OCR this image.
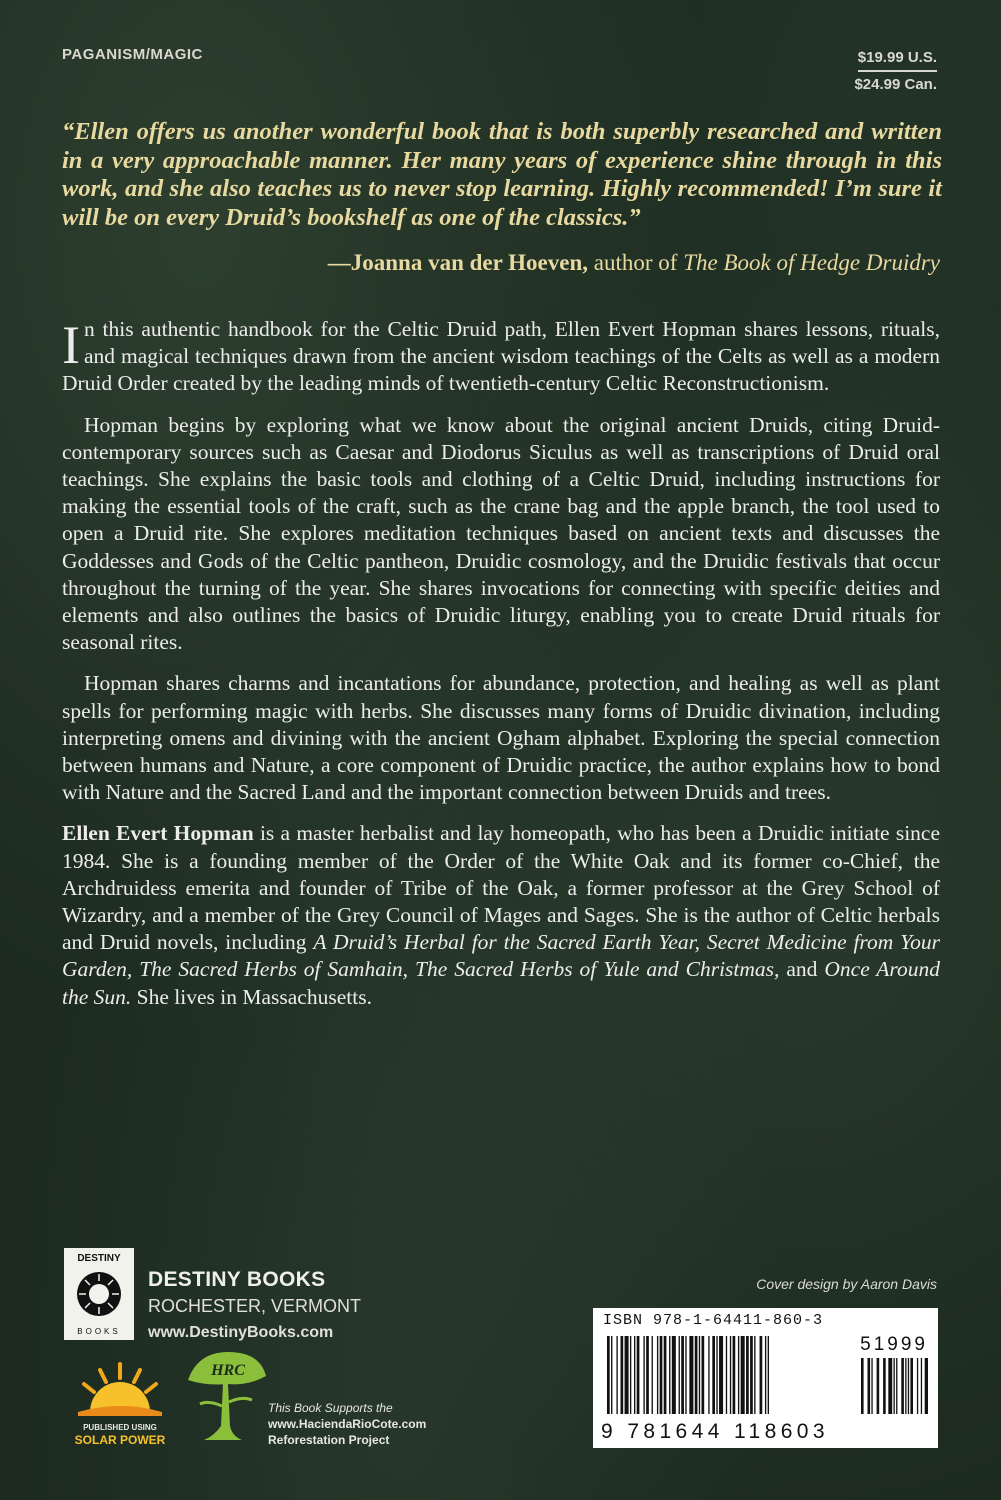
PAGANISM/MAGIC	$19.99 U.S.
$24.99 Can.
“Ellen offers us another wonderful book that is both superbly researched and written in a very approachable manner. Her many years of experience shine through in this work, and she also teaches us to never stop learning. Highly recommended! I’m sure it will be on every Druid’s bookshelf as one of the classics.”
—Joanna van der Hoeven, author of The Book of Hedge Druidry

In this authentic handbook for the Celtic Druid path, Ellen Evert Hopman shares lessons, rituals, and magical techniques drawn from the ancient wisdom teachings of the Celts as well as a modern Druid Order created by the leading minds of twentieth-century Celtic Reconstructionism.

Hopman begins by exploring what we know about the original ancient Druids, citing Druid-contemporary sources such as Caesar and Diodorus Siculus as well as transcriptions of Druid oral teachings. She explains the basic tools and clothing of a Celtic Druid, including instructions for making the essential tools of the craft, such as the crane bag and the apple branch, the tool used to open a Druid rite. She explores meditation techniques based on ancient texts and discusses the Goddesses and Gods of the Celtic pantheon, Druidic cosmology, and the Druidic festivals that occur throughout the turning of the year. She shares invocations for connecting with specific deities and elements and also outlines the basics of Druidic liturgy, enabling you to create Druid rituals for seasonal rites.

Hopman shares charms and incantations for abundance, protection, and healing as well as plant spells for performing magic with herbs. She discusses many forms of Druidic divination, including interpreting omens and divining with the ancient Ogham alphabet. Exploring the special connection between humans and Nature, a core component of Druidic practice, the author explains how to bond with Nature and the Sacred Land and the important connection between Druids and trees.

Ellen Evert Hopman is a master herbalist and lay homeopath, who has been a Druidic initiate since 1984. She is a founding member of the Order of the White Oak and its former co-Chief, the Archdruidess emerita and founder of Tribe of the Oak, a former professor at the Grey School of Wizardry, and a member of the Grey Council of Mages and Sages. She is the author of Celtic herbals and Druid novels, including A Druid’s Herbal for the Sacred Earth Year, Secret Medicine from Your Garden, The Sacred Herbs of Samhain, The Sacred Herbs of Yule and Christmas, and Once Around the Sun. She lives in Massachusetts.

DESTINY
BOOKS
DESTINY BOOKS
ROCHESTER, VERMONT
www.DestinyBooks.com
Cover design by Aaron Davis
PUBLISHED USING
SOLAR POWER
HRC
This Book Supports the
www.HaciendaRioCote.com
Reforestation Project
ISBN 978-1-64411-860-3
51999
9 781644 118603
